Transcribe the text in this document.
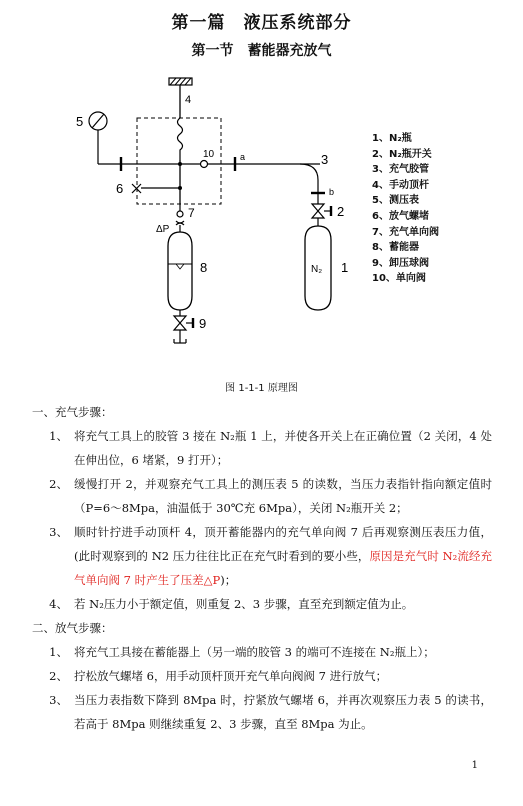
第一篇　液压系统部分
第一节　蓄能器充放气
4
5
10	a	3
b
2
N₂ 1
6
7
ΔP
8
9
1、N₂瓶
2、N₂瓶开关
3、充气胶管
4、手动顶杆
5、测压表
6、放气螺堵
7、充气单向阀
8、蓄能器
9、卸压球阀
10、单向阀
图 1-1-1 原理图
一、充气步骤：
1、 将充气工具上的胶管 3 接在 N₂瓶 1 上，并使各开关上在正确位置（2 关闭，4 处在伸出位，6 堵紧，9 打开）；
2、 缓慢打开 2，并观察充气工具上的测压表 5 的读数，当压力表指针指向额定值时（P=6～8Mpa，油温低于 30℃充 6Mpa），关闭 N₂瓶开关 2；
3、 顺时针拧进手动顶杆 4，顶开蓄能器内的充气单向阀 7 后再观察测压表压力值，(此时观察到的 N2 压力往往比正在充气时看到的要小些，原因是充气时 N₂流经充气单向阀 7 时产生了压差△P)；
4、 若 N₂压力小于额定值，则重复 2、3 步骤，直至充到额定值为止。
二、放气步骤：
1、 将充气工具接在蓄能器上（另一端的胶管 3 的端可不连接在 N₂瓶上）；
2、 拧松放气螺堵 6，用手动顶杆顶开充气单向阀阀 7 进行放气；
3、 当压力表指数下降到 8Mpa 时，拧紧放气螺堵 6，并再次观察压力表 5 的读书，若高于 8Mpa 则继续重复 2、3 步骤，直至 8Mpa 为止。
1
